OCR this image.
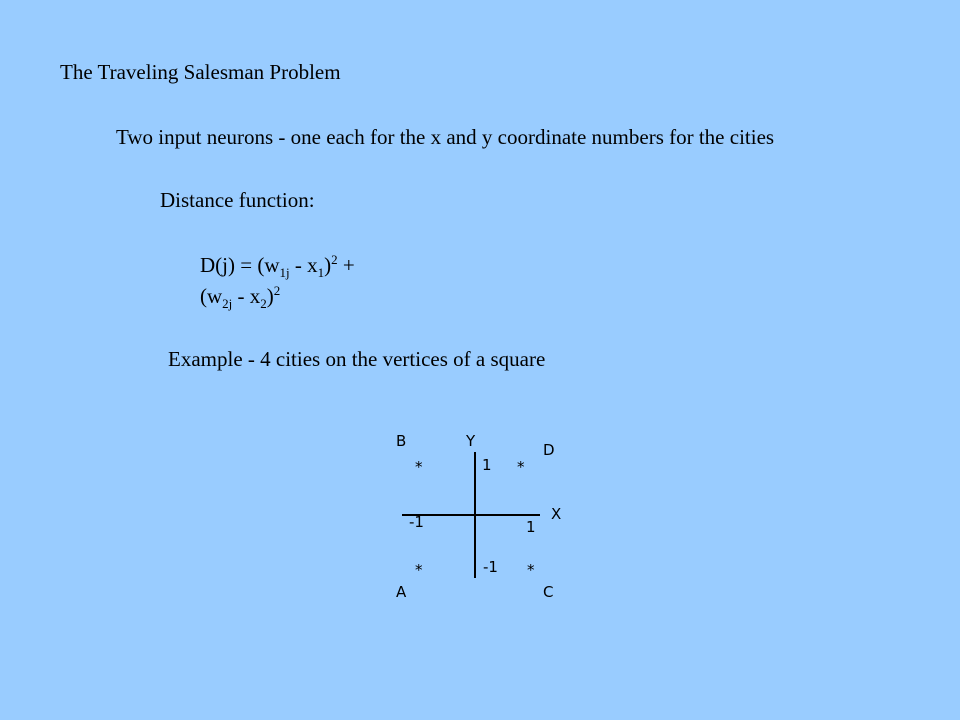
The Traveling Salesman Problem
Two input neurons - one each for the x and y coordinate numbers for the cities
Distance function:
$D(j) = (w_{1j} - x_1)^2$ +
$(w_{2j} - x_2)^2$
Example - 4 cities on the vertices of a square
Y
X
1
-1
1
-1
*	*
*	*
B	D
A	C
